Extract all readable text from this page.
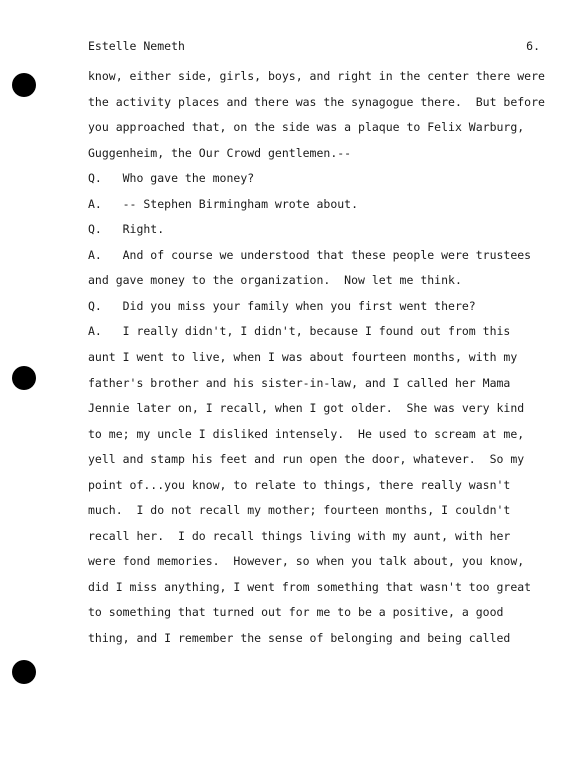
Estelle Nemeth	6.
know, either side, girls, boys, and right in the center there were
the activity places and there was the synagogue there.  But before
you approached that, on the side was a plaque to Felix Warburg,
Guggenheim, the Our Crowd gentlemen.--
Q.   Who gave the money?
A.   -- Stephen Birmingham wrote about.
Q.   Right.
A.   And of course we understood that these people were trustees
and gave money to the organization.  Now let me think.
Q.   Did you miss your family when you first went there?
A.   I really didn't, I didn't, because I found out from this
aunt I went to live, when I was about fourteen months, with my
father's brother and his sister-in-law, and I called her Mama
Jennie later on, I recall, when I got older.  She was very kind
to me; my uncle I disliked intensely.  He used to scream at me,
yell and stamp his feet and run open the door, whatever.  So my
point of...you know, to relate to things, there really wasn't
much.  I do not recall my mother; fourteen months, I couldn't
recall her.  I do recall things living with my aunt, with her
were fond memories.  However, so when you talk about, you know,
did I miss anything, I went from something that wasn't too great
to something that turned out for me to be a positive, a good
thing, and I remember the sense of belonging and being called
